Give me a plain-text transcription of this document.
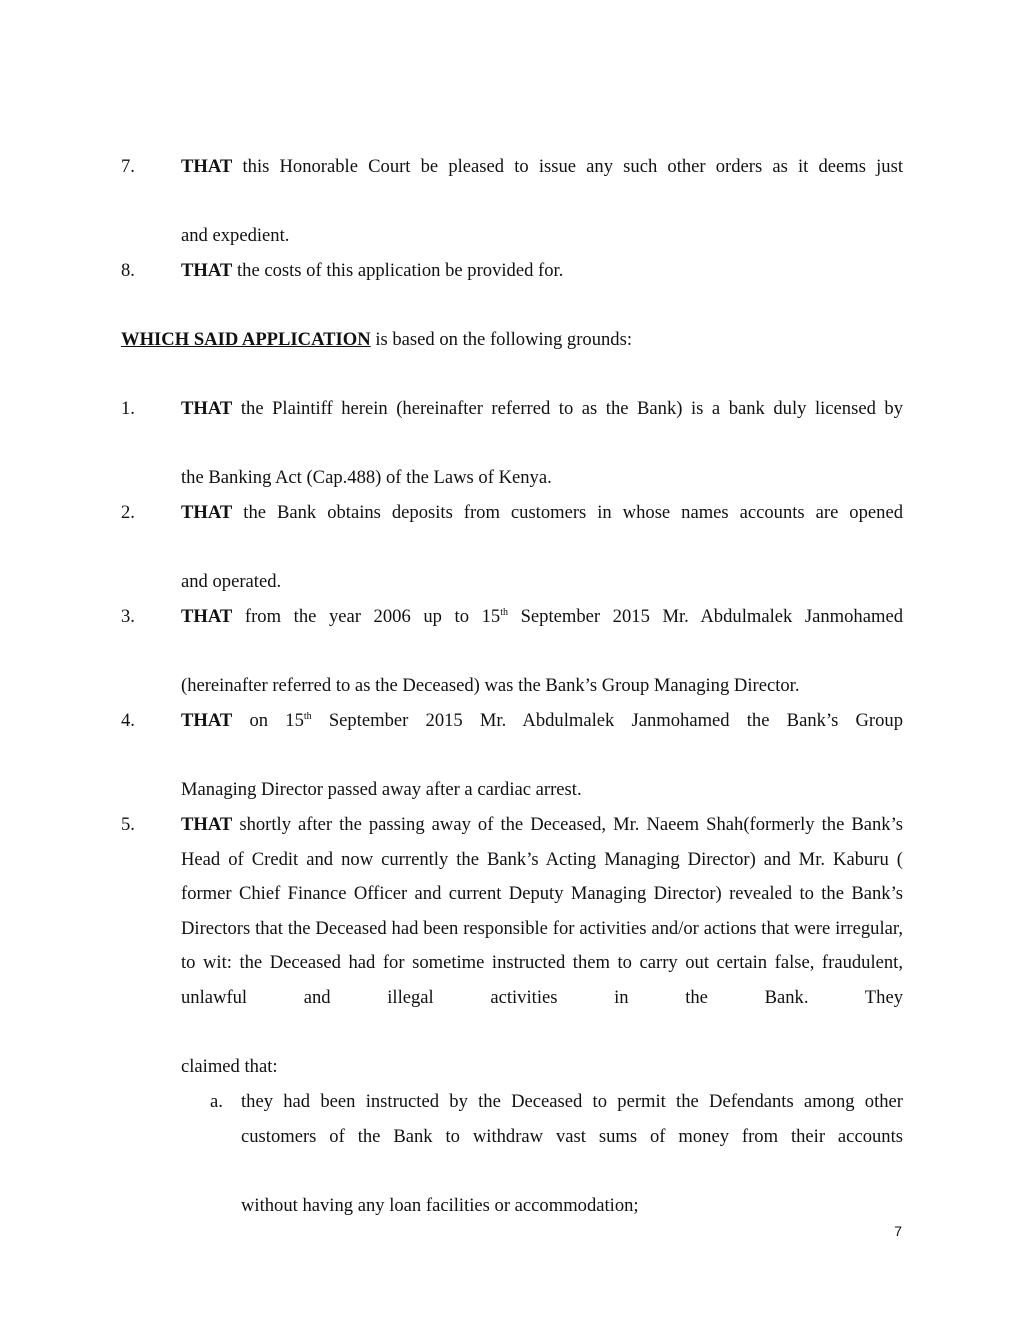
7. THAT this Honorable Court be pleased to issue any such other orders as it deems just
and expedient.
8. THAT the costs of this application be provided for.
WHICH SAID APPLICATION is based on the following grounds:
1. THAT the Plaintiff herein (hereinafter referred to as the Bank) is a bank duly licensed by
the Banking Act (Cap.488) of the Laws of Kenya.
2. THAT the Bank obtains deposits from customers in whose names accounts are opened
and operated.
3. THAT from the year 2006 up to 15th September 2015 Mr. Abdulmalek Janmohamed
(hereinafter referred to as the Deceased) was the Bank’s Group Managing Director.
4. THAT on 15th September 2015 Mr. Abdulmalek Janmohamed the Bank’s Group
Managing Director passed away after a cardiac arrest.
5. THAT shortly after the passing away of the Deceased, Mr. Naeem Shah(formerly the Bank’s Head of Credit and now currently the Bank’s Acting Managing Director) and Mr. Kaburu ( former Chief Finance Officer and current Deputy Managing Director) revealed to the Bank’s Directors that the Deceased had been responsible for activities and/or actions that were irregular, to wit: the Deceased had for sometime instructed them to carry out certain false, fraudulent, unlawful and illegal activities in the Bank. They
claimed that:
a. they had been instructed by the Deceased to permit the Defendants among other customers of the Bank to withdraw vast sums of money from their accounts
without having any loan facilities or accommodation;
7
